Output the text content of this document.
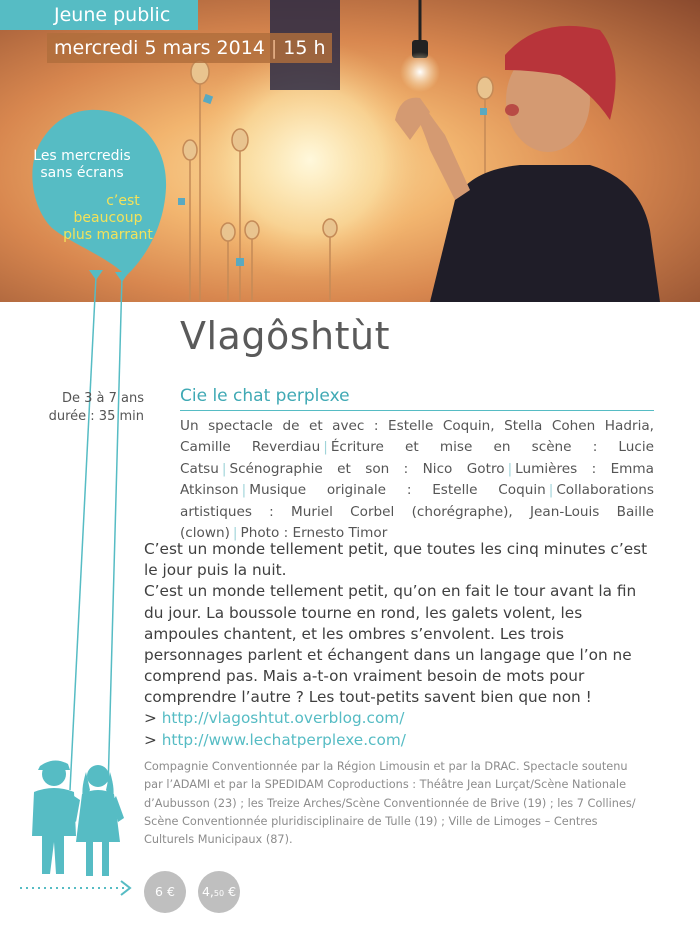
Jeune public
mercredi 5 mars 2014 | 15 h
Les mercredis
sans écrans
c’est
beaucoup
plus marrant
Vlagôshtùt
De 3 à 7 ans
durée : 35 min
Cie le chat perplexe
Un spectacle de et avec : Estelle Coquin, Stella Cohen Hadria, Camille Reverdiau | Écriture et mise en scène : Lucie Catsu | Scénographie et son : Nico Gotro | Lumières : Emma Atkinson | Musique originale : Estelle Coquin | Collaborations artistiques : Muriel Corbel (chorégraphe), Jean-Louis Baille (clown) | Photo : Ernesto Timor

C’est un monde tellement petit, que toutes les cinq minutes c’est le jour puis la nuit.

C’est un monde tellement petit, qu’on en fait le tour avant la fin du jour. La boussole tourne en rond, les galets volent, les ampoules chantent, et les ombres s’envolent. Les trois personnages parlent et échangent dans un langage que l’on ne comprend pas. Mais a-t-on vraiment besoin de mots pour comprendre l’autre ? Les tout-petits savent bien que non !

> http://vlagoshtut.overblog.com/
> http://www.lechatperplexe.com/
Compagnie Conventionnée par la Région Limousin et par la DRAC. Spectacle soutenu par l’ADAMI et par la SPEDIDAM Coproductions : Théâtre Jean Lurçat/Scène Nationale d’Aubusson (23) ; les Treize Arches/Scène Conventionnée de Brive (19) ; les 7 Collines/ Scène Conventionnée pluridisciplinaire de Tulle (19) ; Ville de Limoges – Centres Culturels Municipaux (87).
6 €	4,50 €
